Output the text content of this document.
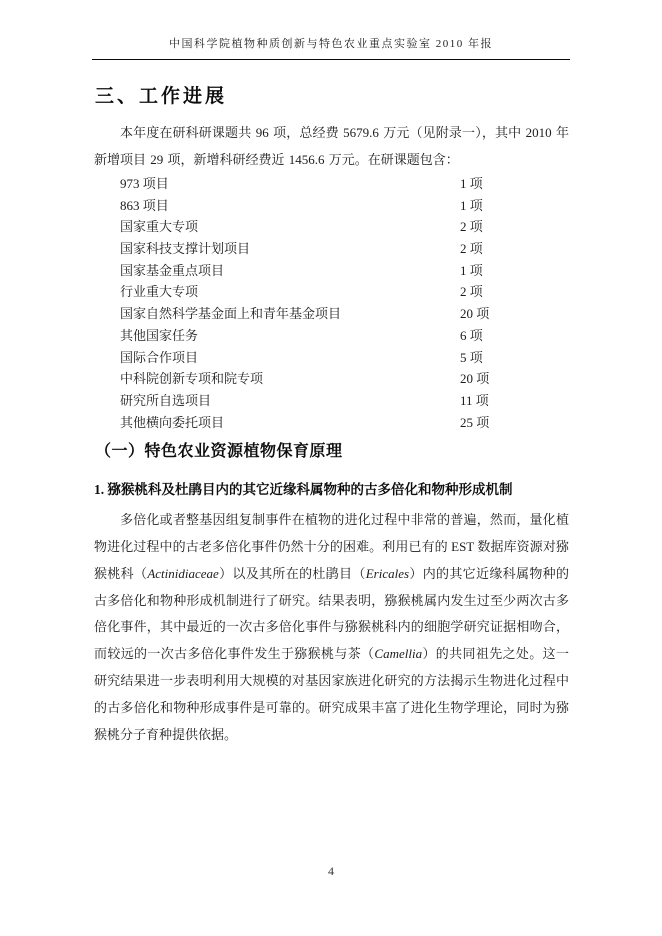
中国科学院植物种质创新与特色农业重点实验室 2010 年报
三、工作进展
本年度在研科研课题共 96 项，总经费 5679.6 万元（见附录一），其中 2010 年新增项目 29 项，新增科研经费近 1456.6 万元。在研课题包含：
973 项目	1 项
863 项目	1 项
国家重大专项	2 项
国家科技支撑计划项目	2 项
国家基金重点项目	1 项
行业重大专项	2 项
国家自然科学基金面上和青年基金项目	20 项
其他国家任务	6 项
国际合作项目	5 项
中科院创新专项和院专项	20 项
研究所自选项目	11 项
其他横向委托项目	25 项
（一）特色农业资源植物保育原理
1. 猕猴桃科及杜鹃目内的其它近缘科属物种的古多倍化和物种形成机制
多倍化或者整基因组复制事件在植物的进化过程中非常的普遍，然而，量化植物进化过程中的古老多倍化事件仍然十分的困难。利用已有的 EST 数据库资源对猕猴桃科（Actinidiaceae）以及其所在的杜鹃目（Ericales）内的其它近缘科属物种的古多倍化和物种形成机制进行了研究。结果表明，猕猴桃属内发生过至少两次古多倍化事件，其中最近的一次古多倍化事件与猕猴桃科内的细胞学研究证据相吻合，而较远的一次古多倍化事件发生于猕猴桃与茶（Camellia）的共同祖先之处。这一研究结果进一步表明利用大规模的对基因家族进化研究的方法揭示生物进化过程中的古多倍化和物种形成事件是可靠的。研究成果丰富了进化生物学理论，同时为猕猴桃分子育种提供依据。
4
